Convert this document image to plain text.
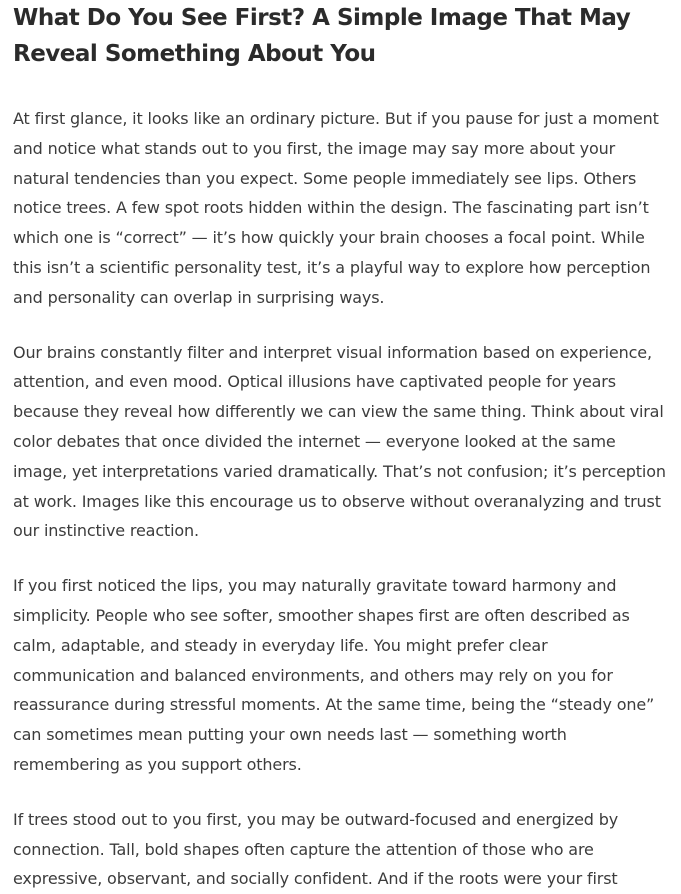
What Do You See First? A Simple Image That May Reveal Something About You

At first glance, it looks like an ordinary picture. But if you pause for just a moment and notice what stands out to you first, the image may say more about your natural tendencies than you expect. Some people immediately see lips. Others notice trees. A few spot roots hidden within the design. The fascinating part isn’t which one is “correct” — it’s how quickly your brain chooses a focal point. While this isn’t a scientific personality test, it’s a playful way to explore how perception and personality can overlap in surprising ways.

Our brains constantly filter and interpret visual information based on experience, attention, and even mood. Optical illusions have captivated people for years because they reveal how differently we can view the same thing. Think about viral color debates that once divided the internet — everyone looked at the same image, yet interpretations varied dramatically. That’s not confusion; it’s perception at work. Images like this encourage us to observe without overanalyzing and trust our instinctive reaction.

If you first noticed the lips, you may naturally gravitate toward harmony and simplicity. People who see softer, smoother shapes first are often described as calm, adaptable, and steady in everyday life. You might prefer clear communication and balanced environments, and others may rely on you for reassurance during stressful moments. At the same time, being the “steady one” can sometimes mean putting your own needs last — something worth remembering as you support others.

If trees stood out to you first, you may be outward-focused and energized by connection. Tall, bold shapes often capture the attention of those who are expressive, observant, and socially confident. And if the roots were your first
